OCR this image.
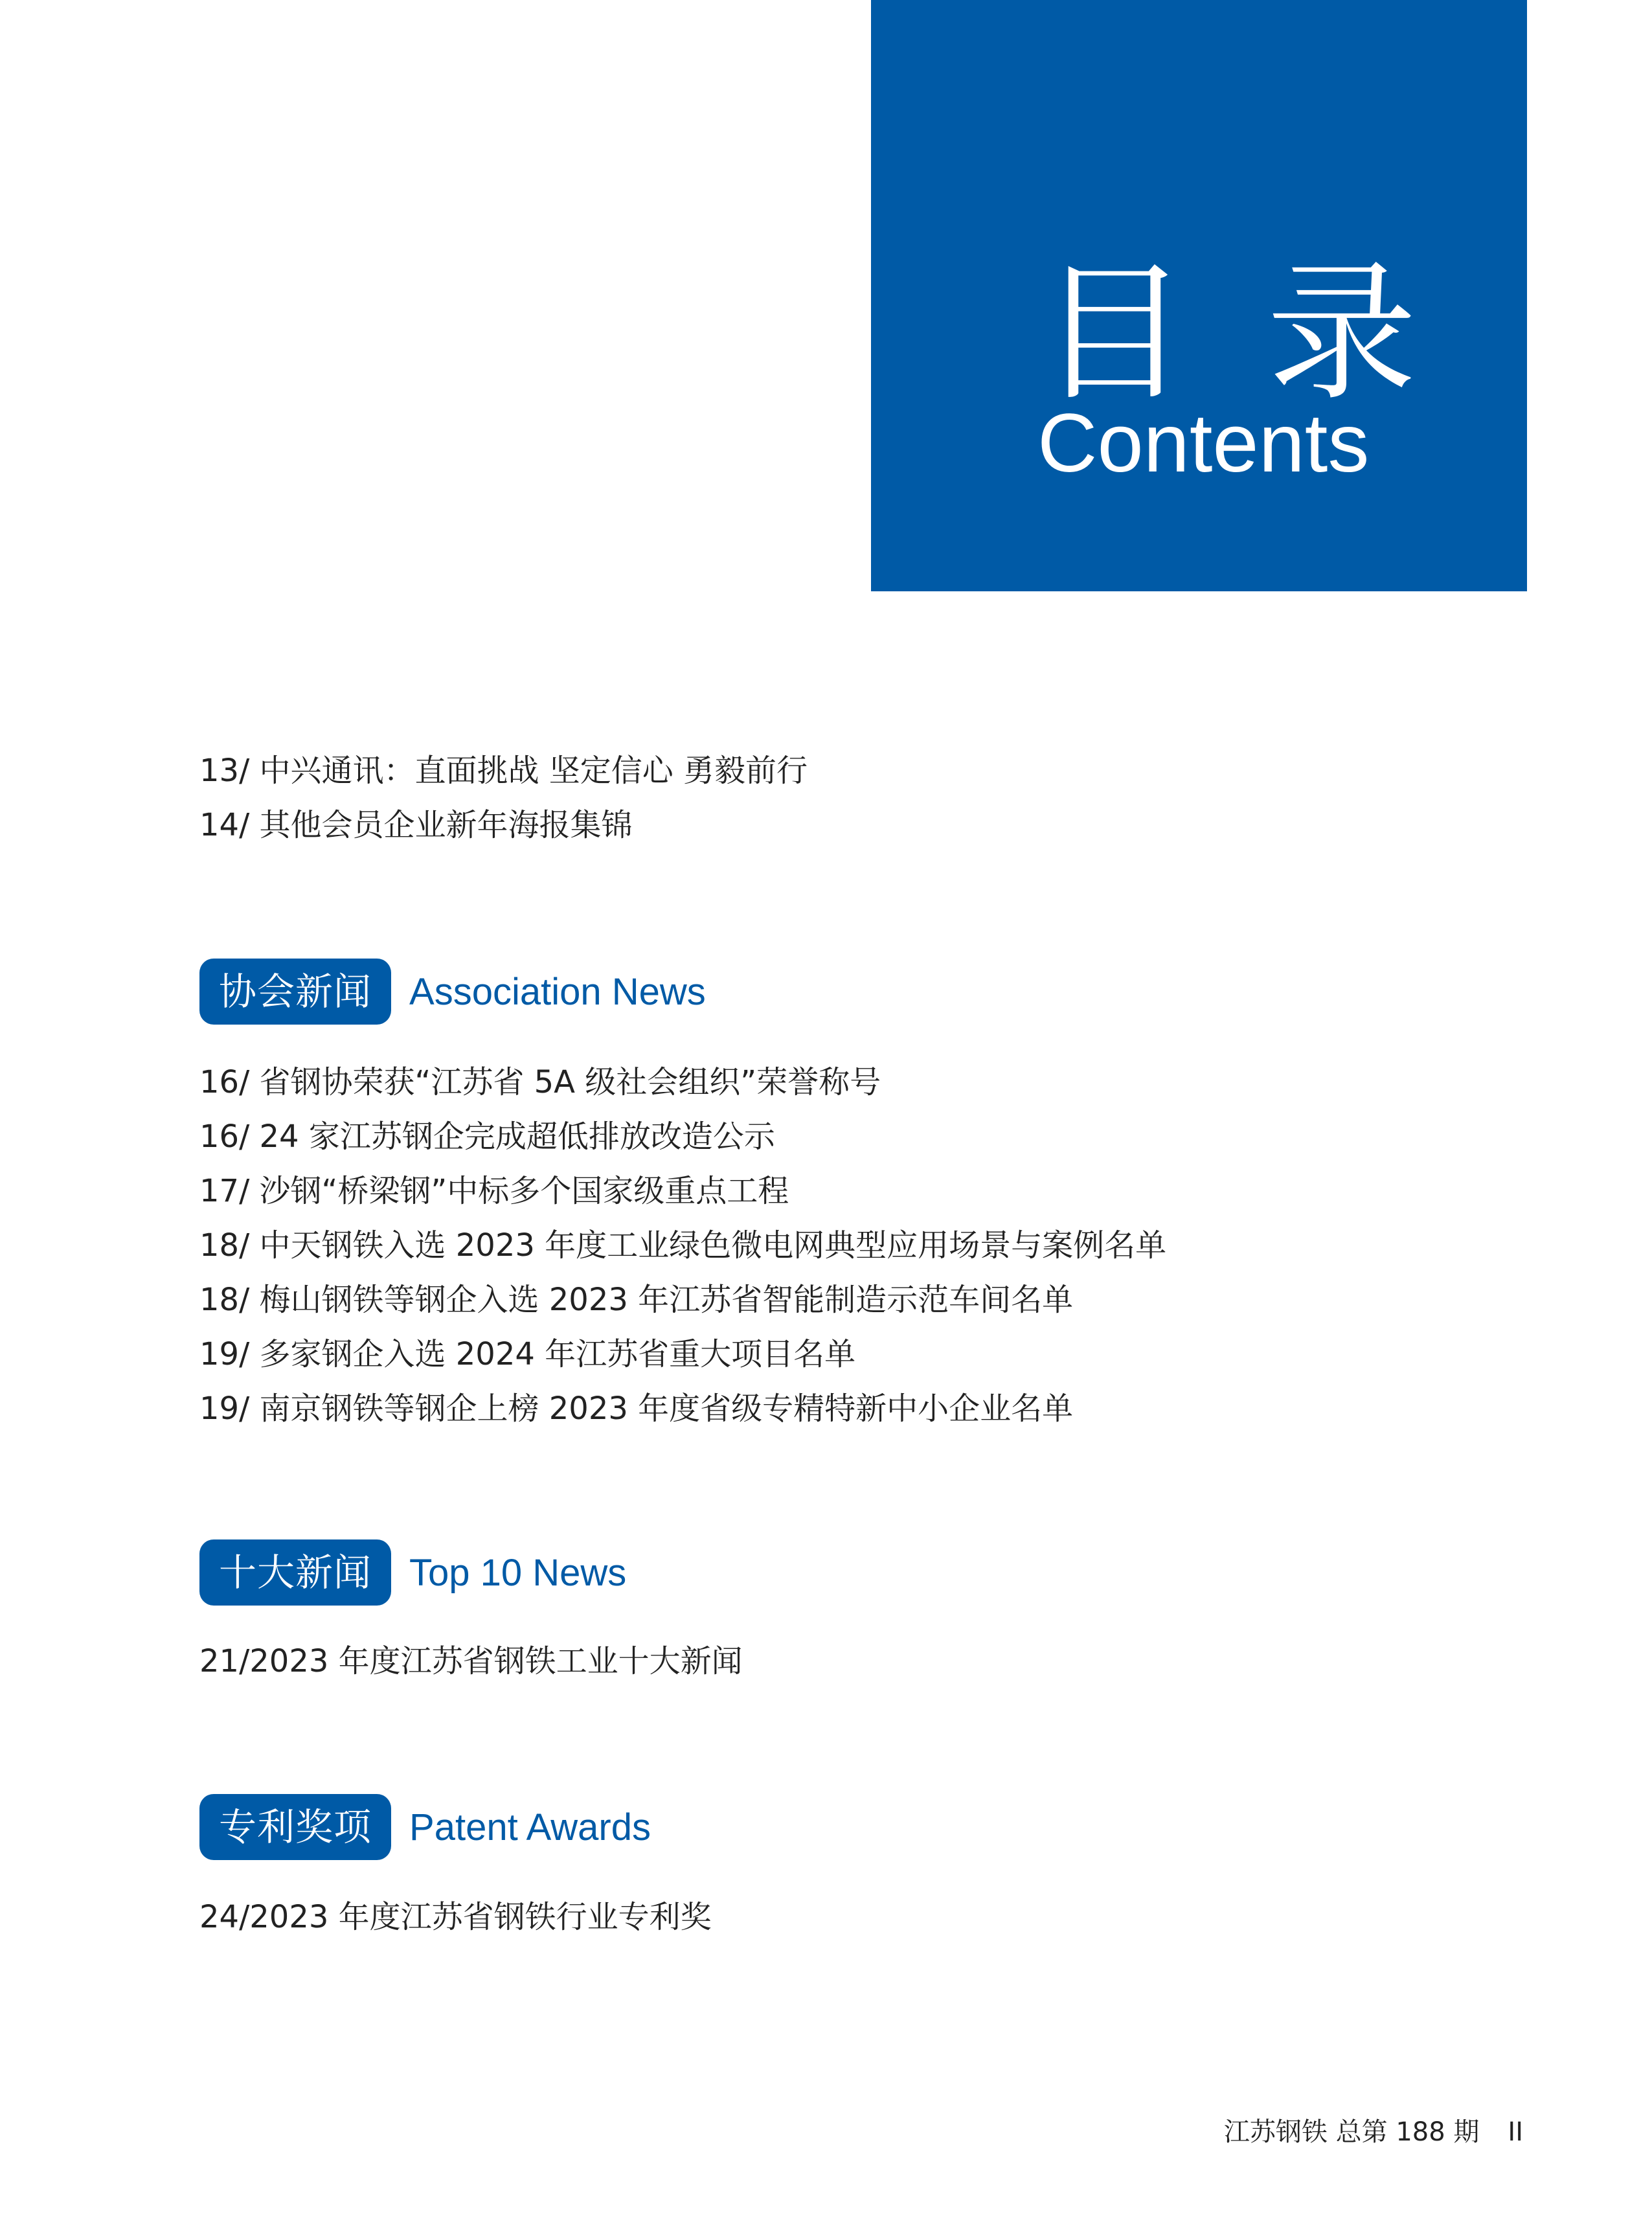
目录
Contents
13/ 中兴通讯：直面挑战 坚定信心 勇毅前行
14/ 其他会员企业新年海报集锦
协会新闻	Association News
16/ 省钢协荣获“江苏省 5A 级社会组织”荣誉称号
16/ 24 家江苏钢企完成超低排放改造公示
17/ 沙钢“桥梁钢”中标多个国家级重点工程
18/ 中天钢铁入选 2023 年度工业绿色微电网典型应用场景与案例名单
18/ 梅山钢铁等钢企入选 2023 年江苏省智能制造示范车间名单
19/ 多家钢企入选 2024 年江苏省重大项目名单
19/ 南京钢铁等钢企上榜 2023 年度省级专精特新中小企业名单
十大新闻	Top 10 News
21/2023 年度江苏省钢铁工业十大新闻
专利奖项	Patent Awards
24/2023 年度江苏省钢铁行业专利奖
江苏钢铁 总第 188 期 II
